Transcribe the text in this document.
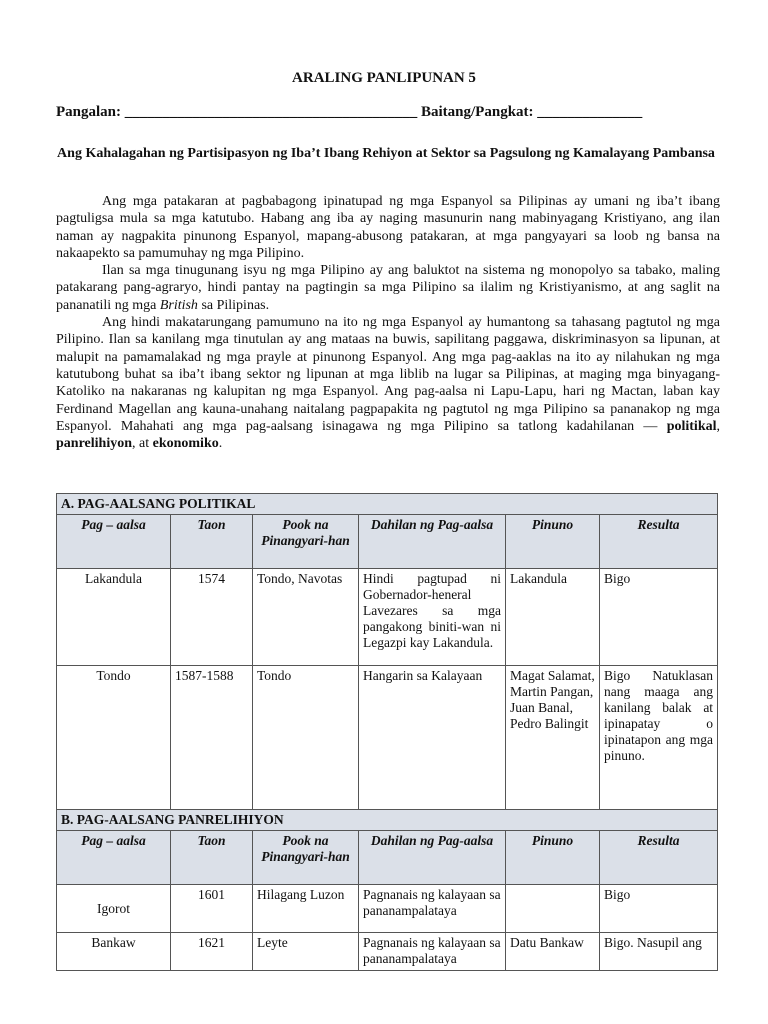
ARALING PANLIPUNAN 5
Pangalan: _______________________________________ Baitang/Pangkat: ______________
Ang Kahalagahan ng Partisipasyon ng Iba’t Ibang Rehiyon at Sektor sa Pagsulong ng Kamalayang Pambansa

Ang mga patakaran at pagbabagong ipinatupad ng mga Espanyol sa Pilipinas ay umani ng iba’t ibang pagtuligsa mula sa mga katutubo. Habang ang iba ay naging masunurin nang mabinyagang Kristiyano, ang ilan naman ay nagpakita pinunong Espanyol, mapang-abusong patakaran, at mga pangyayari sa loob ng bansa na nakaapekto sa pamumuhay ng mga Pilipino.

Ilan sa mga tinugunang isyu ng mga Pilipino ay ang baluktot na sistema ng monopolyo sa tabako, maling patakarang pang-agraryo, hindi pantay na pagtingin sa mga Pilipino sa ilalim ng Kristiyanismo, at ang saglit na pananatili ng mga British sa Pilipinas.

Ang hindi makatarungang pamumuno na ito ng mga Espanyol ay humantong sa tahasang pagtutol ng mga Pilipino. Ilan sa kanilang mga tinutulan ay ang mataas na buwis, sapilitang paggawa, diskriminasyon sa lipunan, at malupit na pamamalakad ng mga prayle at pinunong Espanyol. Ang mga pag-aaklas na ito ay nilahukan ng mga katutubong buhat sa iba’t ibang sektor ng lipunan at mga liblib na lugar sa Pilipinas, at maging mga binyagang-Katoliko na nakaranas ng kalupitan ng mga Espanyol. Ang pag-aalsa ni Lapu-Lapu, hari ng Mactan, laban kay Ferdinand Magellan ang kauna-unahang naitalang pagpapakita ng pagtutol ng mga Pilipino sa pananakop ng mga Espanyol. Mahahati ang mga pag-aalsang isinagawa ng mga Pilipino sa tatlong kadahilanan — politikal, panrelihiyon, at ekonomiko.

A. PAG-AALSANG POLITIKAL					
Pag – aalsa	Taon	Pook na Pinangyari-han	Dahilan ng Pag-aalsa	Pinuno	Resulta
Lakandula	1574	Tondo, Navotas	Hindi pagtupad ni Gobernador-heneral Lavezares sa mga pangakong biniti-wan ni Legazpi kay Lakandula.	Lakandula	Bigo
Tondo	1587-1588	Tondo	Hangarin sa Kalayaan	Magat Salamat, Martin Pangan, Juan Banal, Pedro Balingit	Bigo Natuklasan nang maaga ang kanilang balak at ipinapatay o ipinatapon ang mga pinuno.
B. PAG-AALSANG PANRELIHIYON					
Pag – aalsa	Taon	Pook na Pinangyari-han	Dahilan ng Pag-aalsa	Pinuno	Resulta
Igorot	1601	Hilagang Luzon	Pagnanais ng kalayaan sa pananampalataya		Bigo
Bankaw	1621	Leyte	Pagnanais ng kalayaan sa pananampalataya	Datu Bankaw	Bigo. Nasupil ang
